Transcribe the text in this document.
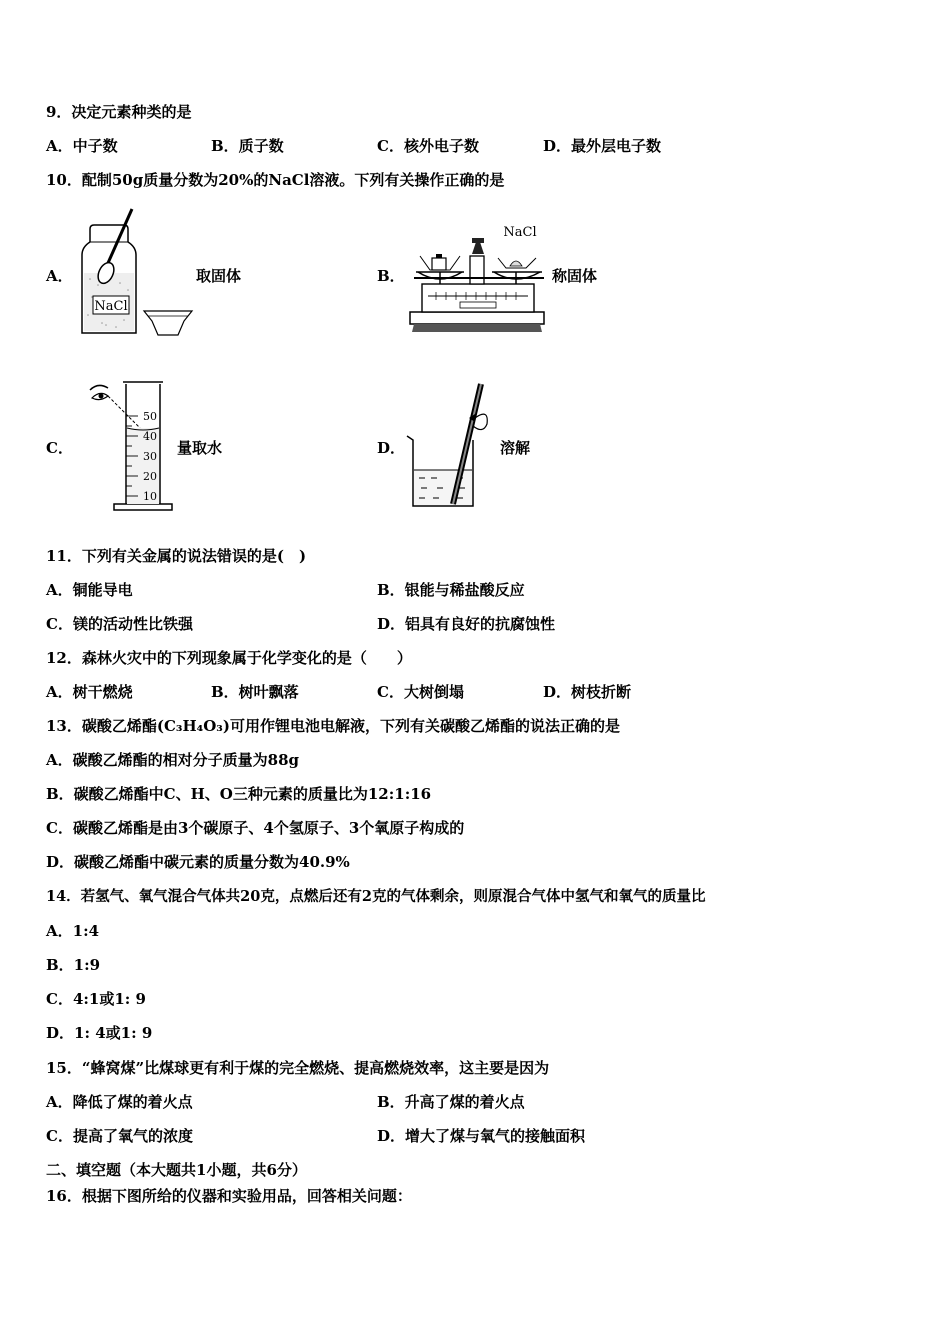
9．决定元素种类的是
A．中子数	B．质子数	C．核外电子数	D．最外层电子数
10．配制50g质量分数为20%的NaCl溶液。下列有关操作正确的是
A．
NaCl
取固体	B．
NaCl
称固体
C．
50
40
30
20
10
量取水	D．	溶解
11．下列有关金属的说法错误的是(　)
A．铜能导电	B．银能与稀盐酸反应
C．镁的活动性比铁强	D．铝具有良好的抗腐蚀性
12．森林火灾中的下列现象属于化学变化的是（　　）
A．树干燃烧	B．树叶飘落	C．大树倒塌	D．树枝折断
13．碳酸乙烯酯(C₃H₄O₃)可用作锂电池电解液，下列有关碳酸乙烯酯的说法正确的是
A．碳酸乙烯酯的相对分子质量为88g
B．碳酸乙烯酯中C、H、O三种元素的质量比为12:1:16
C．碳酸乙烯酯是由3个碳原子、4个氢原子、3个氧原子构成的
D．碳酸乙烯酯中碳元素的质量分数为40.9%
14．若氢气、氧气混合气体共20克，点燃后还有2克的气体剩余，则原混合气体中氢气和氧气的质量比
A．1:4
B．1:9
C．4:1或1: 9
D．1: 4或1: 9
15．“蜂窝煤”比煤球更有利于煤的完全燃烧、提高燃烧效率，这主要是因为
A．降低了煤的着火点	B．升高了煤的着火点
C．提高了氧气的浓度	D．增大了煤与氧气的接触面积
二、填空题（本大题共1小题，共6分）
16．根据下图所给的仪器和实验用品，回答相关问题：
